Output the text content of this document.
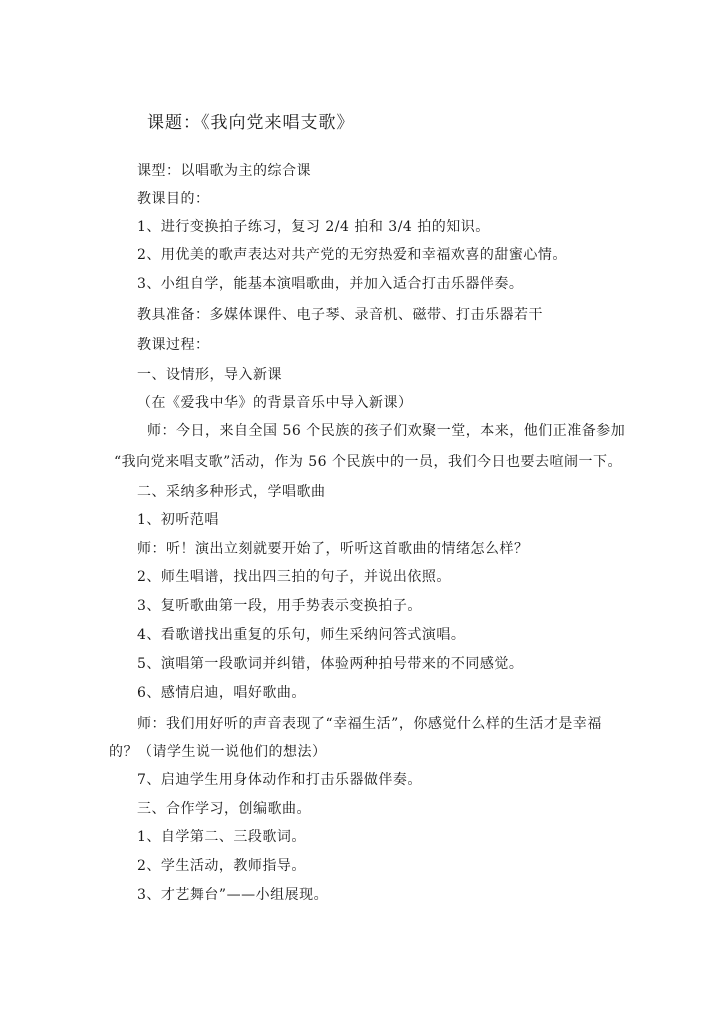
课题：《我向党来唱支歌》
课型：以唱歌为主的综合课
教课目的：
1、进行变换拍子练习，复习 2/4 拍和 3/4 拍的知识。
2、用优美的歌声表达对共产党的无穷热爱和幸福欢喜的甜蜜心情。
3、小组自学，能基本演唱歌曲，并加入适合打击乐器伴奏。
教具准备：多媒体课件、电子琴、录音机、磁带、打击乐器若干
教课过程：
一、设情形，导入新课
（在《爱我中华》的背景音乐中导入新课）
师：今日，来自全国 56 个民族的孩子们欢聚一堂，本来，他们正准备参加
“我向党来唱支歌”活动，作为 56 个民族中的一员，我们今日也要去喧闹一下。
二、采纳多种形式，学唱歌曲
1、初听范唱
师：听！演出立刻就要开始了，听听这首歌曲的情绪怎么样？
2、师生唱谱，找出四三拍的句子，并说出依照。
3、复听歌曲第一段，用手势表示变换拍子。
4、看歌谱找出重复的乐句，师生采纳问答式演唱。
5、演唱第一段歌词并纠错，体验两种拍号带来的不同感觉。
6、感情启迪，唱好歌曲。
师：我们用好听的声音表现了“幸福生活”，你感觉什么样的生活才是幸福
的？（请学生说一说他们的想法）
7、启迪学生用身体动作和打击乐器做伴奏。
三、合作学习，创编歌曲。
1、自学第二、三段歌词。
2、学生活动，教师指导。
3、才艺舞台”——小组展现。
